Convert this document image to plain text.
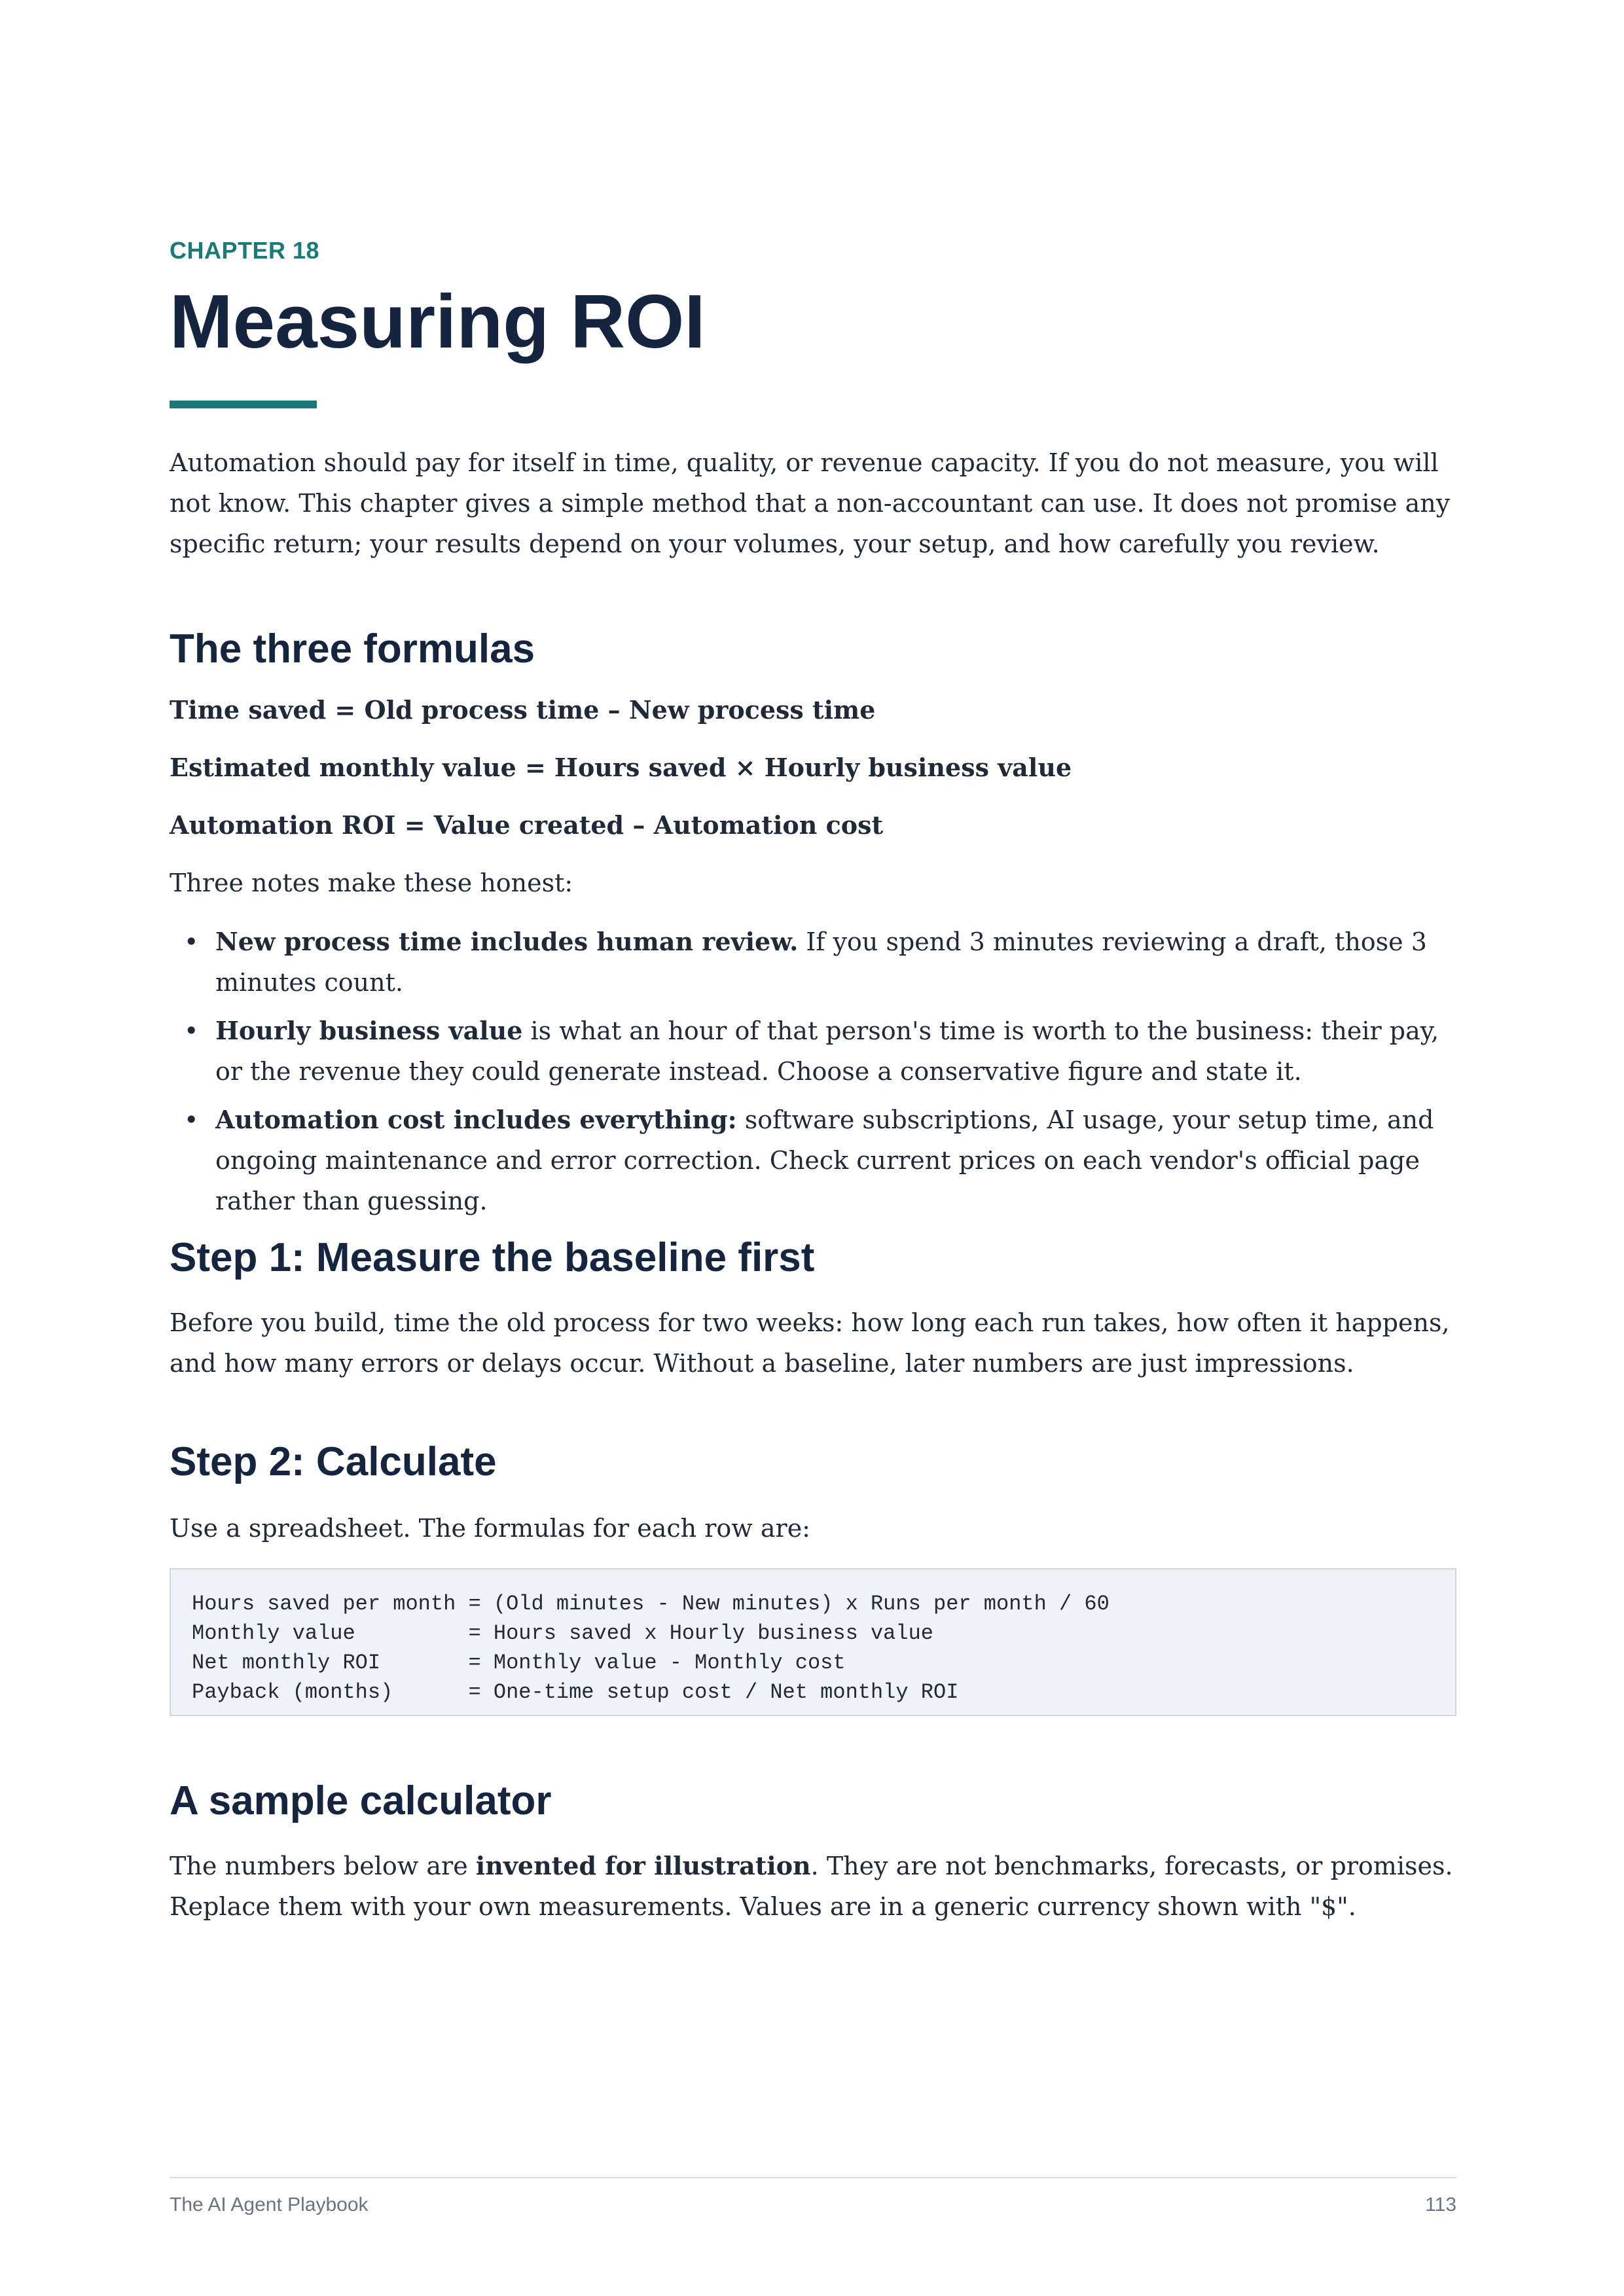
CHAPTER 18
Measuring ROI

Automation should pay for itself in time, quality, or revenue capacity. If you do not measure, you will not know. This chapter gives a simple method that a non-accountant can use. It does not promise any specific return; your results depend on your volumes, your setup, and how carefully you review.

The three formulas

Time saved = Old process time – New process time

Estimated monthly value = Hours saved × Hourly business value

Automation ROI = Value created – Automation cost

Three notes make these honest:

• New process time includes human review. If you spend 3 minutes reviewing a draft, those 3 minutes count.
• Hourly business value is what an hour of that person's time is worth to the business: their pay, or the revenue they could generate instead. Choose a conservative figure and state it.
• Automation cost includes everything: software subscriptions, AI usage, your setup time, and ongoing maintenance and error correction. Check current prices on each vendor's official page rather than guessing.
Step 1: Measure the baseline first

Before you build, time the old process for two weeks: how long each run takes, how often it happens, and how many errors or delays occur. Without a baseline, later numbers are just impressions.

Step 2: Calculate

Use a spreadsheet. The formulas for each row are:

Hours saved per month = (Old minutes - New minutes) x Runs per month / 60

Monthly value         = Hours saved x Hourly business value

Net monthly ROI       = Monthly value - Monthly cost

Payback (months)      = One-time setup cost / Net monthly ROI

A sample calculator

The numbers below are invented for illustration. They are not benchmarks, forecasts, or promises. Replace them with your own measurements. Values are in a generic currency shown with "$".

The AI Agent Playbook	113
